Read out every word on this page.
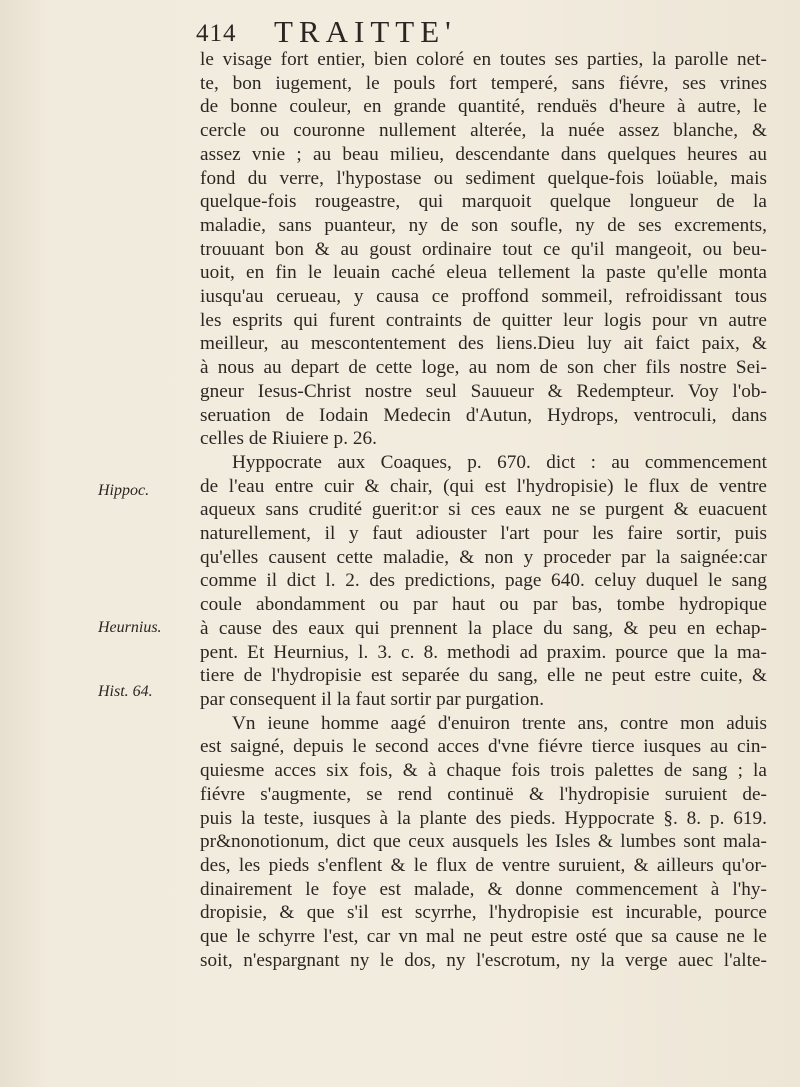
414 TRAITTE'
Hippoc.
Heurnius.
Hist. 64.
le visage fort entier, bien coloré en toutes ses parties, la parolle net-
te, bon iugement, le pouls fort temperé, sans fiévre, ses vrines
de bonne couleur, en grande quantité, renduës d'heure à autre, le
cercle ou couronne nullement alterée, la nuée assez blanche, &
assez vnie ; au beau milieu, descendante dans quelques heures au
fond du verre, l'hypostase ou sediment quelque-fois loüable, mais
quelque-fois rougeastre, qui marquoit quelque longueur de la
maladie, sans puanteur, ny de son soufle, ny de ses excrements,
trouuant bon & au goust ordinaire tout ce qu'il mangeoit, ou beu-
uoit, en fin le leuain caché eleua tellement la paste qu'elle monta
iusqu'au cerueau, y causa ce proffond sommeil, refroidissant tous
les esprits qui furent contraints de quitter leur logis pour vn autre
meilleur, au mescontentement des liens.Dieu luy ait faict paix, &
à nous au depart de cette loge, au nom de son cher fils nostre Sei-
gneur Iesus-Christ nostre seul Sauueur & Redempteur. Voy l'ob-
seruation de Iodain Medecin d'Autun, Hydrops, ventroculi, dans
celles de Riuiere p. 26.
Hyppocrate aux Coaques, p. 670. dict : au commencement
de l'eau entre cuir & chair, (qui est l'hydropisie) le flux de ventre
aqueux sans crudité guerit:or si ces eaux ne se purgent & euacuent
naturellement, il y faut adiouster l'art pour les faire sortir, puis
qu'elles causent cette maladie, & non y proceder par la saignée:car
comme il dict l. 2. des predictions, page 640. celuy duquel le sang
coule abondamment ou par haut ou par bas, tombe hydropique
à cause des eaux qui prennent la place du sang, & peu en echap-
pent. Et Heurnius, l. 3. c. 8. methodi ad praxim. pource que la ma-
tiere de l'hydropisie est separée du sang, elle ne peut estre cuite, &
par consequent il la faut sortir par purgation.
Vn ieune homme aagé d'enuiron trente ans, contre mon aduis
est saigné, depuis le second acces d'vne fiévre tierce iusques au cin-
quiesme acces six fois, & à chaque fois trois palettes de sang ; la
fiévre s'augmente, se rend continuë & l'hydropisie suruient de-
puis la teste, iusques à la plante des pieds. Hyppocrate §. 8. p. 619.
pr&nonotionum, dict que ceux ausquels les Isles & lumbes sont mala-
des, les pieds s'enflent & le flux de ventre suruient, & ailleurs qu'or-
dinairement le foye est malade, & donne commencement à l'hy-
dropisie, & que s'il est scyrrhe, l'hydropisie est incurable, pource
que le schyrre l'est, car vn mal ne peut estre osté que sa cause ne le
soit, n'espargnant ny le dos, ny l'escrotum, ny la verge auec l'alte-
